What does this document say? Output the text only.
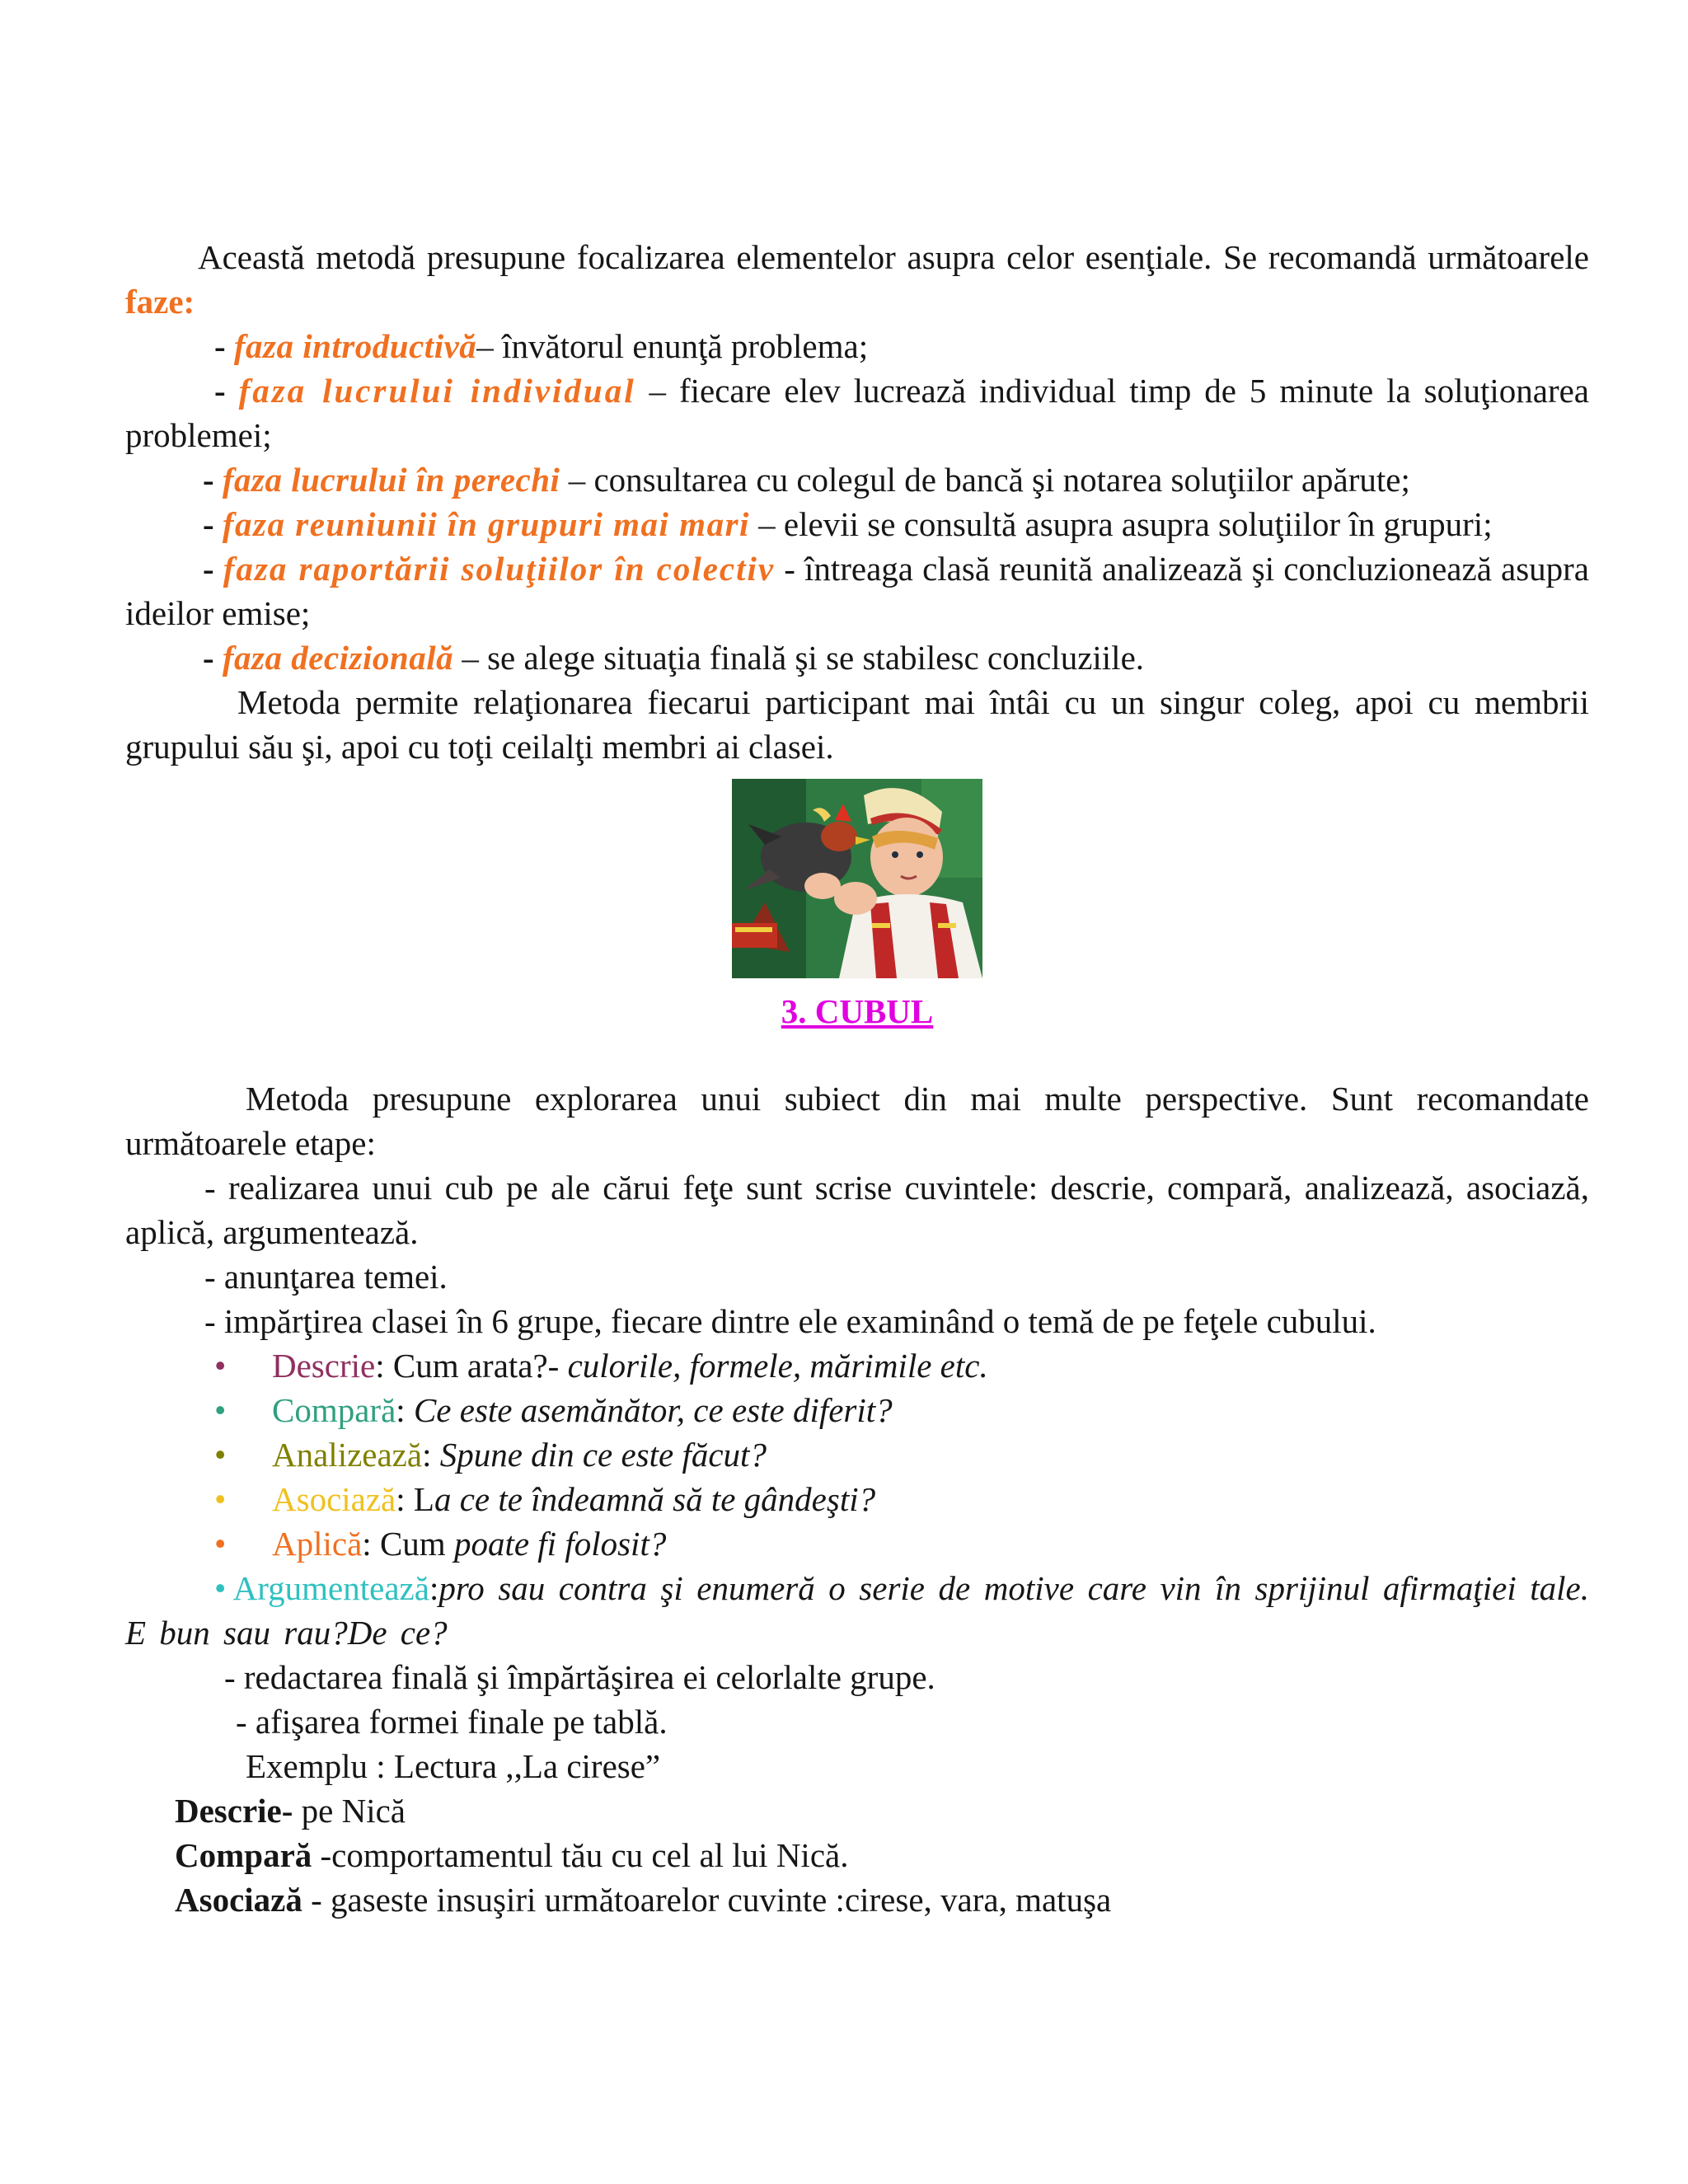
Această metodă presupune focalizarea elementelor asupra celor esenţiale. Se recomandă următoarele faze:

- faza introductivă– învătorul enunţă problema;

- faza lucrului individual – fiecare elev lucrează individual timp de 5 minute la soluţionarea problemei;

- faza lucrului în perechi – consultarea cu colegul de bancă şi notarea soluţiilor apărute;

- faza reuniunii în grupuri mai mari – elevii se consultă asupra asupra soluţiilor în grupuri;

- faza raportării soluţiilor în colectiv - întreaga clasă reunită analizează şi concluzionează asupra ideilor emise;

- faza decizională – se alege situaţia finală şi se stabilesc concluziile.

Metoda permite relaţionarea fiecarui participant mai întâi cu un singur coleg, apoi cu membrii grupului său şi, apoi cu toţi ceilalţi membri ai clasei.

3. CUBUL

Metoda presupune explorarea unui subiect din mai multe perspective. Sunt recomandate următoarele etape:

- realizarea unui cub pe ale cărui feţe sunt scrise cuvintele: descrie, compară, analizează, asociază, aplică, argumentează.

- anunţarea temei.

- impărţirea clasei în 6 grupe, fiecare dintre ele examinând o temă de pe feţele cubului.

•	Descrie: Cum arata?- culorile, formele, mărimile etc.
•	Compară: Ce este asemănător, ce este diferit?
•	Analizează: Spune din ce este făcut?
•	Asociază: La ce te îndeamnă să te gândeşti?
•	Aplică: Cum poate fi folosit?

• Argumentează:pro sau contra şi enumeră o serie de motive care vin în sprijinul afirmaţiei tale. E bun sau rau?De ce?

- redactarea finală şi împărtăşirea ei celorlalte grupe.

- afişarea formei finale pe tablă.

Exemplu : Lectura ,,La cirese”

Descrie- pe Nică

Compară -comportamentul tău cu cel al lui Nică.

Asociază - gaseste insuşiri următoarelor cuvinte :cirese, vara, matuşa
